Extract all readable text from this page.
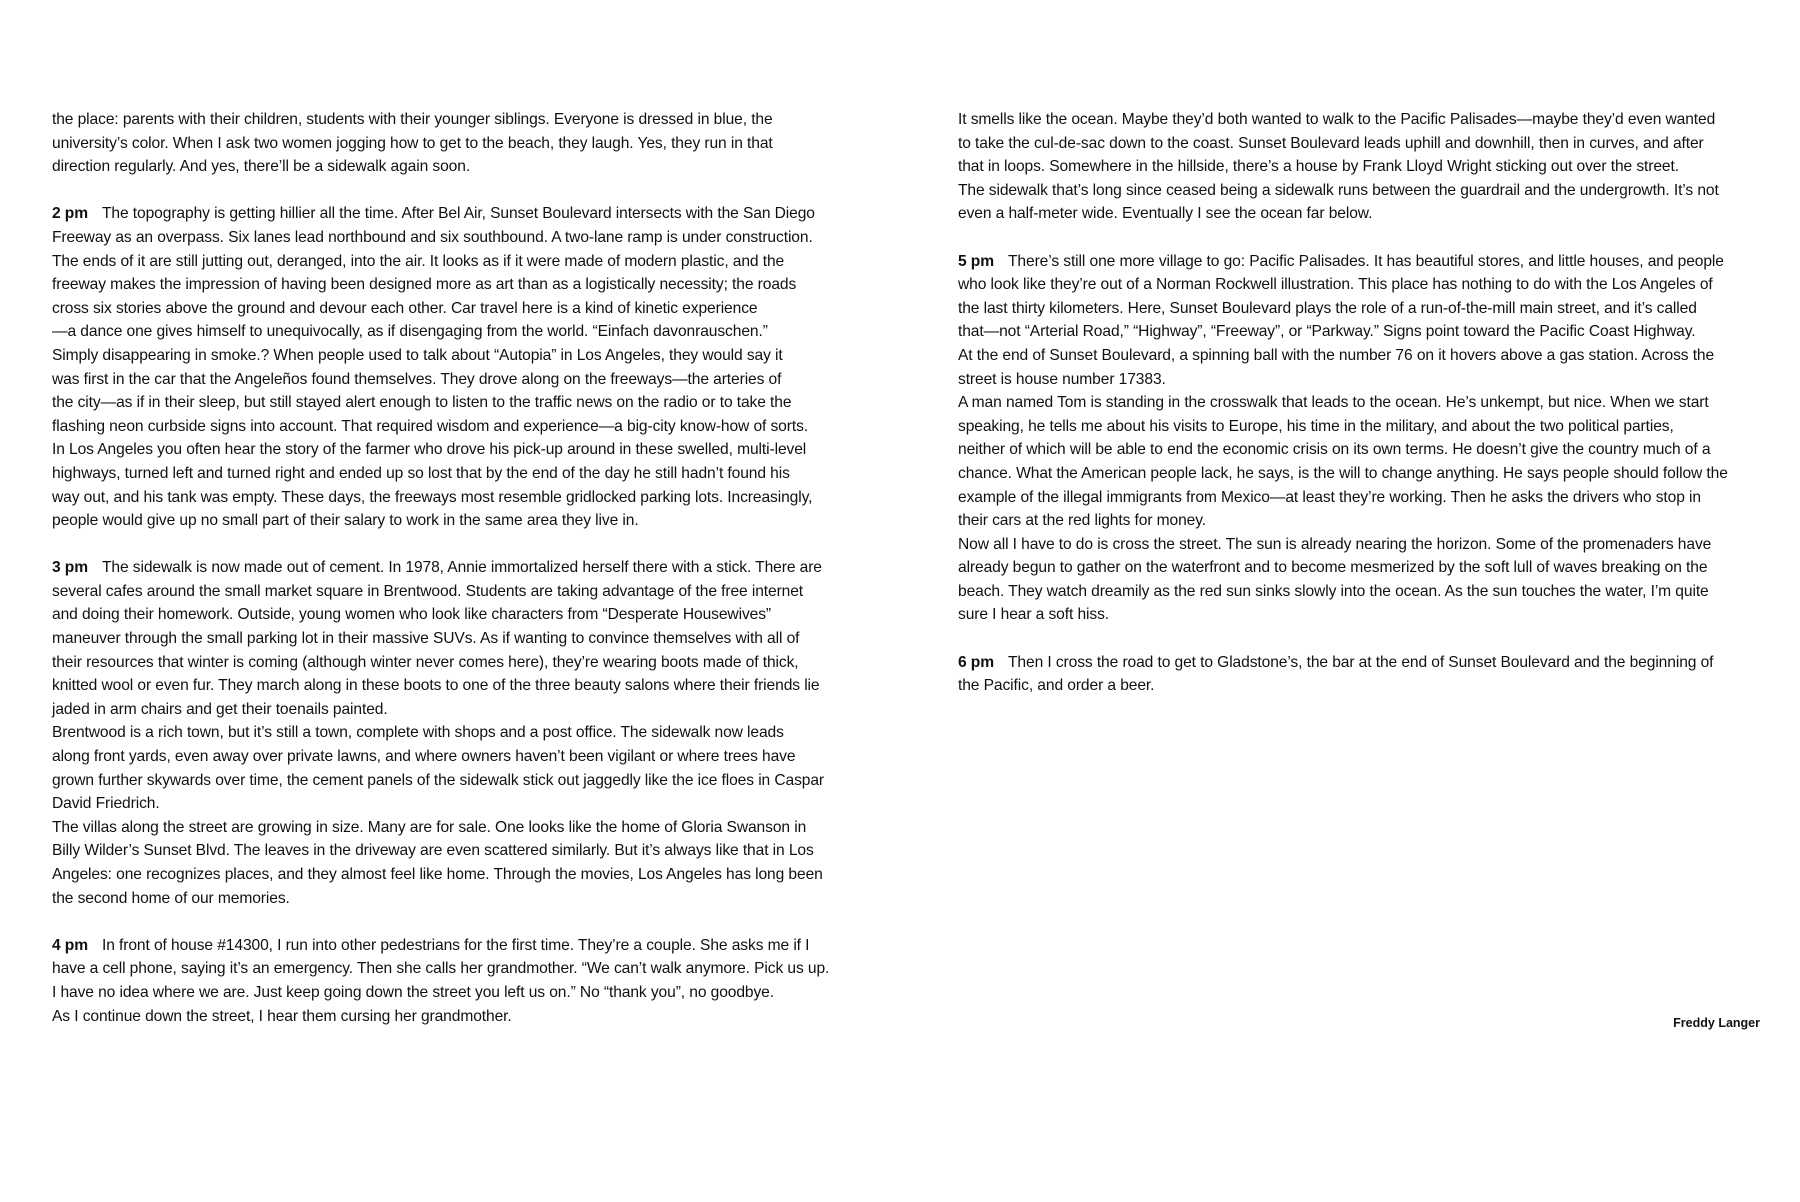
the place: parents with their children, students with their younger siblings. Everyone is dressed in blue, the
university’s color. When I ask two women jogging how to get to the beach, they laugh. Yes, they run in that
direction regularly. And yes, there’ll be a sidewalk again soon.
2 pm The topography is getting hillier all the time. After Bel Air, Sunset Boulevard intersects with the San Diego
Freeway as an overpass. Six lanes lead northbound and six southbound. A two-lane ramp is under construction.
The ends of it are still jutting out, deranged, into the air. It looks as if it were made of modern plastic, and the
freeway makes the impression of having been designed more as art than as a logistically necessity; the roads
cross six stories above the ground and devour each other. Car travel here is a kind of kinetic experience
—a dance one gives himself to unequivocally, as if disengaging from the world. “Einfach davonrauschen.”
Simply disappearing in smoke.? When people used to talk about “Autopia” in Los Angeles, they would say it
was first in the car that the Angeleños found themselves. They drove along on the freeways—the arteries of
the city—as if in their sleep, but still stayed alert enough to listen to the traffic news on the radio or to take the
flashing neon curbside signs into account. That required wisdom and experience—a big-city know-how of sorts.
In Los Angeles you often hear the story of the farmer who drove his pick-up around in these swelled, multi-level
highways, turned left and turned right and ended up so lost that by the end of the day he still hadn’t found his
way out, and his tank was empty. These days, the freeways most resemble gridlocked parking lots. Increasingly,
people would give up no small part of their salary to work in the same area they live in.
3 pm The sidewalk is now made out of cement. In 1978, Annie immortalized herself there with a stick. There are
several cafes around the small market square in Brentwood. Students are taking advantage of the free internet
and doing their homework. Outside, young women who look like characters from “Desperate Housewives”
maneuver through the small parking lot in their massive SUVs. As if wanting to convince themselves with all of
their resources that winter is coming (although winter never comes here), they’re wearing boots made of thick,
knitted wool or even fur. They march along in these boots to one of the three beauty salons where their friends lie
jaded in arm chairs and get their toenails painted.
Brentwood is a rich town, but it’s still a town, complete with shops and a post office. The sidewalk now leads
along front yards, even away over private lawns, and where owners haven’t been vigilant or where trees have
grown further skywards over time, the cement panels of the sidewalk stick out jaggedly like the ice floes in Caspar
David Friedrich.
The villas along the street are growing in size. Many are for sale. One looks like the home of Gloria Swanson in
Billy Wilder’s Sunset Blvd. The leaves in the driveway are even scattered similarly. But it’s always like that in Los
Angeles: one recognizes places, and they almost feel like home. Through the movies, Los Angeles has long been
the second home of our memories.
4 pm In front of house #14300, I run into other pedestrians for the first time. They’re a couple. She asks me if I
have a cell phone, saying it’s an emergency. Then she calls her grandmother. “We can’t walk anymore. Pick us up.
I have no idea where we are. Just keep going down the street you left us on.” No “thank you”, no goodbye.
As I continue down the street, I hear them cursing her grandmother.
It smells like the ocean. Maybe they’d both wanted to walk to the Pacific Palisades—maybe they’d even wanted
to take the cul-de-sac down to the coast. Sunset Boulevard leads uphill and downhill, then in curves, and after
that in loops. Somewhere in the hillside, there’s a house by Frank Lloyd Wright sticking out over the street.
The sidewalk that’s long since ceased being a sidewalk runs between the guardrail and the undergrowth. It’s not
even a half-meter wide. Eventually I see the ocean far below.
5 pm There’s still one more village to go: Pacific Palisades. It has beautiful stores, and little houses, and people
who look like they’re out of a Norman Rockwell illustration. This place has nothing to do with the Los Angeles of
the last thirty kilometers. Here, Sunset Boulevard plays the role of a run-of-the-mill main street, and it’s called
that—not “Arterial Road,” “Highway”, “Freeway”, or “Parkway.” Signs point toward the Pacific Coast Highway.
At the end of Sunset Boulevard, a spinning ball with the number 76 on it hovers above a gas station. Across the
street is house number 17383.
A man named Tom is standing in the crosswalk that leads to the ocean. He’s unkempt, but nice. When we start
speaking, he tells me about his visits to Europe, his time in the military, and about the two political parties,
neither of which will be able to end the economic crisis on its own terms. He doesn’t give the country much of a
chance. What the American people lack, he says, is the will to change anything. He says people should follow the
example of the illegal immigrants from Mexico—at least they’re working. Then he asks the drivers who stop in
their cars at the red lights for money.
Now all I have to do is cross the street. The sun is already nearing the horizon. Some of the promenaders have
already begun to gather on the waterfront and to become mesmerized by the soft lull of waves breaking on the
beach. They watch dreamily as the red sun sinks slowly into the ocean. As the sun touches the water, I’m quite
sure I hear a soft hiss.
6 pm Then I cross the road to get to Gladstone’s, the bar at the end of Sunset Boulevard and the beginning of
the Pacific, and order a beer.
Freddy Langer
